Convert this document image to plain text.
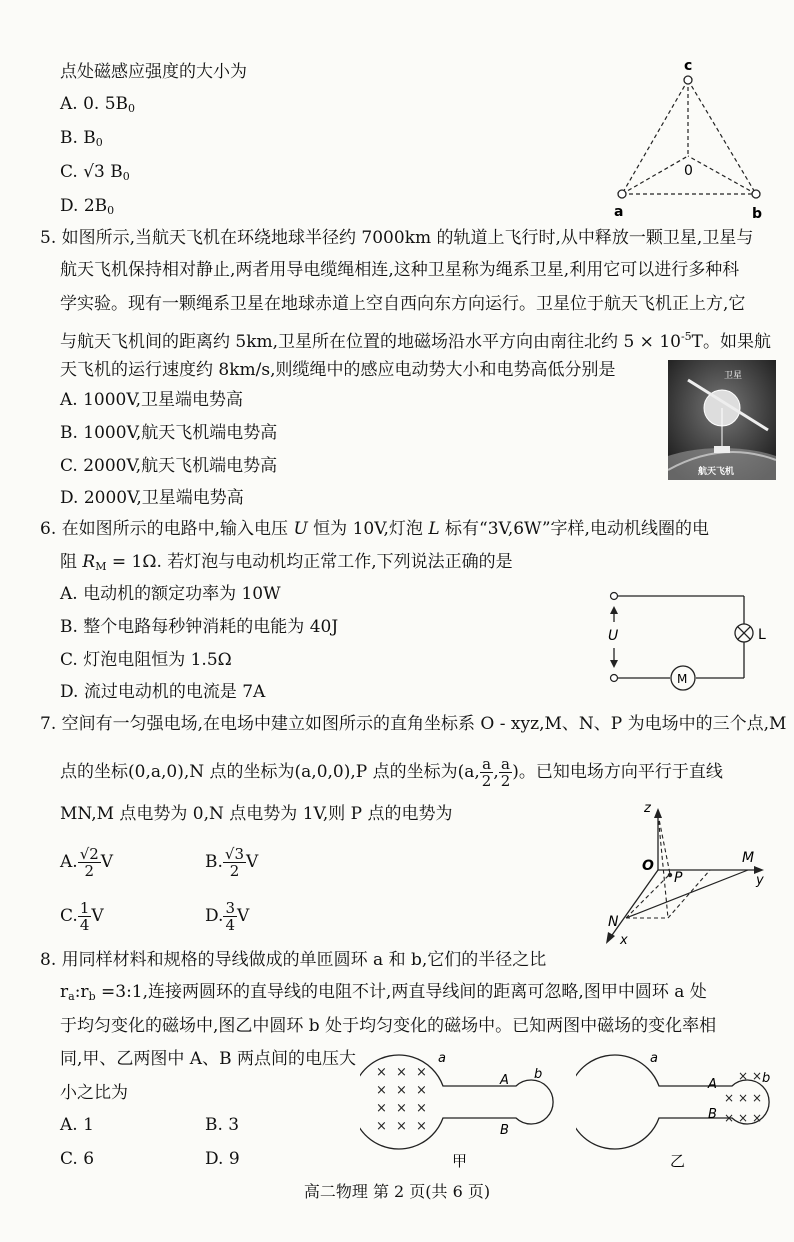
点处磁感应强度的大小为
A. 0. $5B_0$
B. $B_0$
C. √3 $B_0$
D. $2B_0$
c
a	b
0
5. 如图所示,当航天飞机在环绕地球半径约 7000km 的轨道上飞行时,从中释放一颗卫星,卫星与
航天飞机保持相对静止,两者用导电缆绳相连,这种卫星称为绳系卫星,利用它可以进行多种科
学实验。现有一颗绳系卫星在地球赤道上空自西向东方向运行。卫星位于航天飞机正上方,它
与航天飞机间的距离约 5km,卫星所在位置的地磁场沿水平方向由南往北约 $5 \times 10^{-5}T$。如果航
天飞机的运行速度约 8km/s,则缆绳中的感应电动势大小和电势高低分别是
A. 1000V,卫星端电势高
B. 1000V,航天飞机端电势高
C. 2000V,航天飞机端电势高
D. 2000V,卫星端电势高
卫星
航天飞机
6. 在如图所示的电路中,输入电压 U 恒为 10V,灯泡 L 标有“3V,6W”字样,电动机线圈的电
阻 $R_M = 1\Omega$. 若灯泡与电动机均正常工作,下列说法正确的是
A. 电动机的额定功率为 10W
B. 整个电路每秒钟消耗的电能为 40J
C. 灯泡电阻恒为 1.5Ω
D. 流过电动机的电流是 7A
U	L
M
7. 空间有一匀强电场,在电场中建立如图所示的直角坐标系 O - xyz,M、N、P 为电场中的三个点,M
点的坐标(0,a,0),N 点的坐标为(a,0,0),P 点的坐标为(a, $\frac{a}{2}$ , $\frac{a}{2}$ )。已知电场方向平行于直线
MN,M 点电势为 0,N 点电势为 1V,则 P 点的电势为
A. $\frac{√2}{2}$ V	B. $\frac{√3}{2}$ V
C. $\frac{1}{4}$ V	D. $\frac{3}{4}$ V
z
O	M
y
P
N
x
8. 用同样材料和规格的导线做成的单匝圆环 a 和 b,它们的半径之比
$r_a:r_b$ =3:1,连接两圆环的直导线的电阻不计,两直导线间的距离可忽略,图甲中圆环 a 处
于均匀变化的磁场中,图乙中圆环 b 处于均匀变化的磁场中。已知两图中磁场的变化率相
同,甲、乙两图中 A、B 两点间的电压大
小之比为
A. 1	B. 3
C. 6	D. 9
× × ×
× × ×
× × ×
× × ×
a
b
A
B
甲
× ×
× × ×
× × ×
a
b
A
B
乙
高二物理 第 2 页(共 6 页)
